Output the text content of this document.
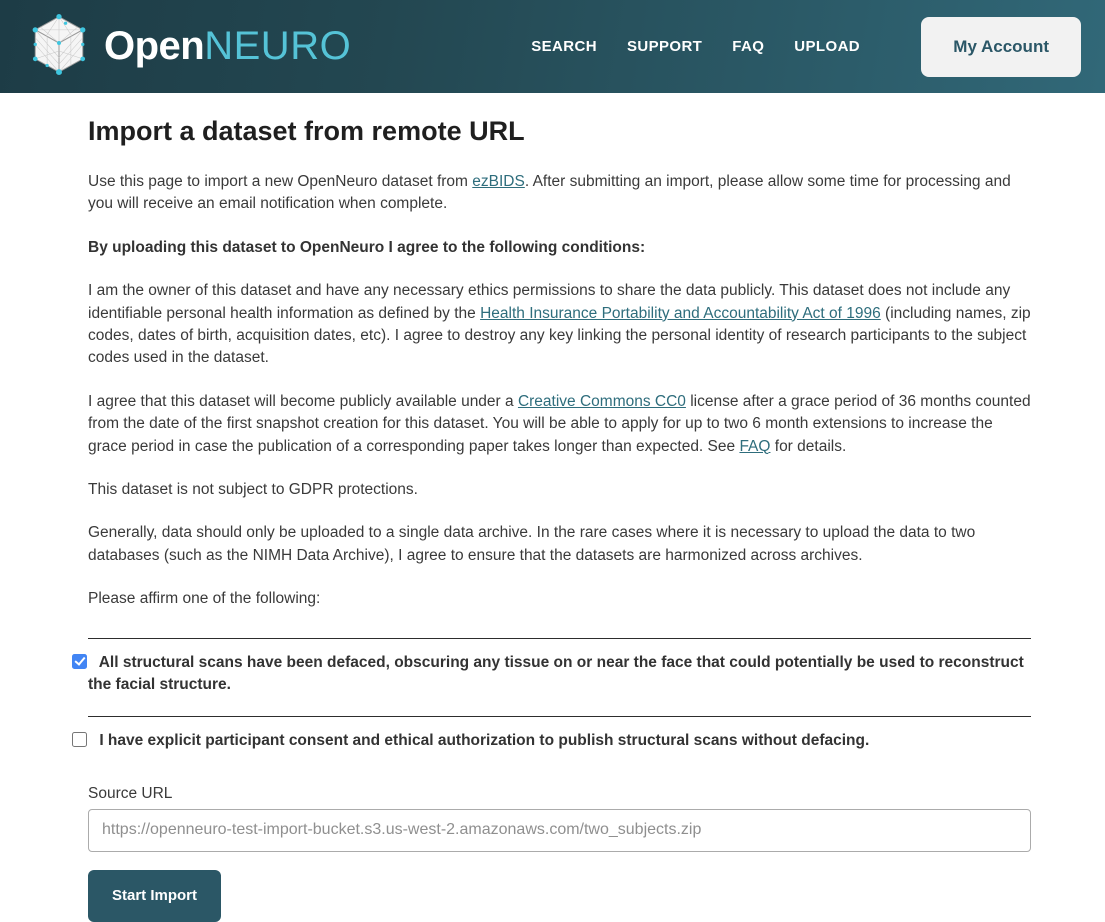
OpenNEURO	SEARCH SUPPORT FAQ UPLOAD	My Account
Import a dataset from remote URL

Use this page to import a new OpenNeuro dataset from ezBIDS. After submitting an import, please allow some time for processing and you will receive an email notification when complete.

By uploading this dataset to OpenNeuro I agree to the following conditions:

I am the owner of this dataset and have any necessary ethics permissions to share the data publicly. This dataset does not include any identifiable personal health information as defined by the Health Insurance Portability and Accountability Act of 1996 (including names, zip codes, dates of birth, acquisition dates, etc). I agree to destroy any key linking the personal identity of research participants to the subject codes used in the dataset.

I agree that this dataset will become publicly available under a Creative Commons CC0 license after a grace period of 36 months counted from the date of the first snapshot creation for this dataset. You will be able to apply for up to two 6 month extensions to increase the grace period in case the publication of a corresponding paper takes longer than expected. See FAQ for details.

This dataset is not subject to GDPR protections.

Generally, data should only be uploaded to a single data archive. In the rare cases where it is necessary to upload the data to two databases (such as the NIMH Data Archive), I agree to ensure that the datasets are harmonized across archives.

Please affirm one of the following:

All structural scans have been defaced, obscuring any tissue on or near the face that could potentially be used to reconstruct the facial structure.
I have explicit participant consent and ethical authorization to publish structural scans without defacing.
Source URL
https://openneuro-test-import-bucket.s3.us-west-2.amazonaws.com/two_subjects.zip Start Import
